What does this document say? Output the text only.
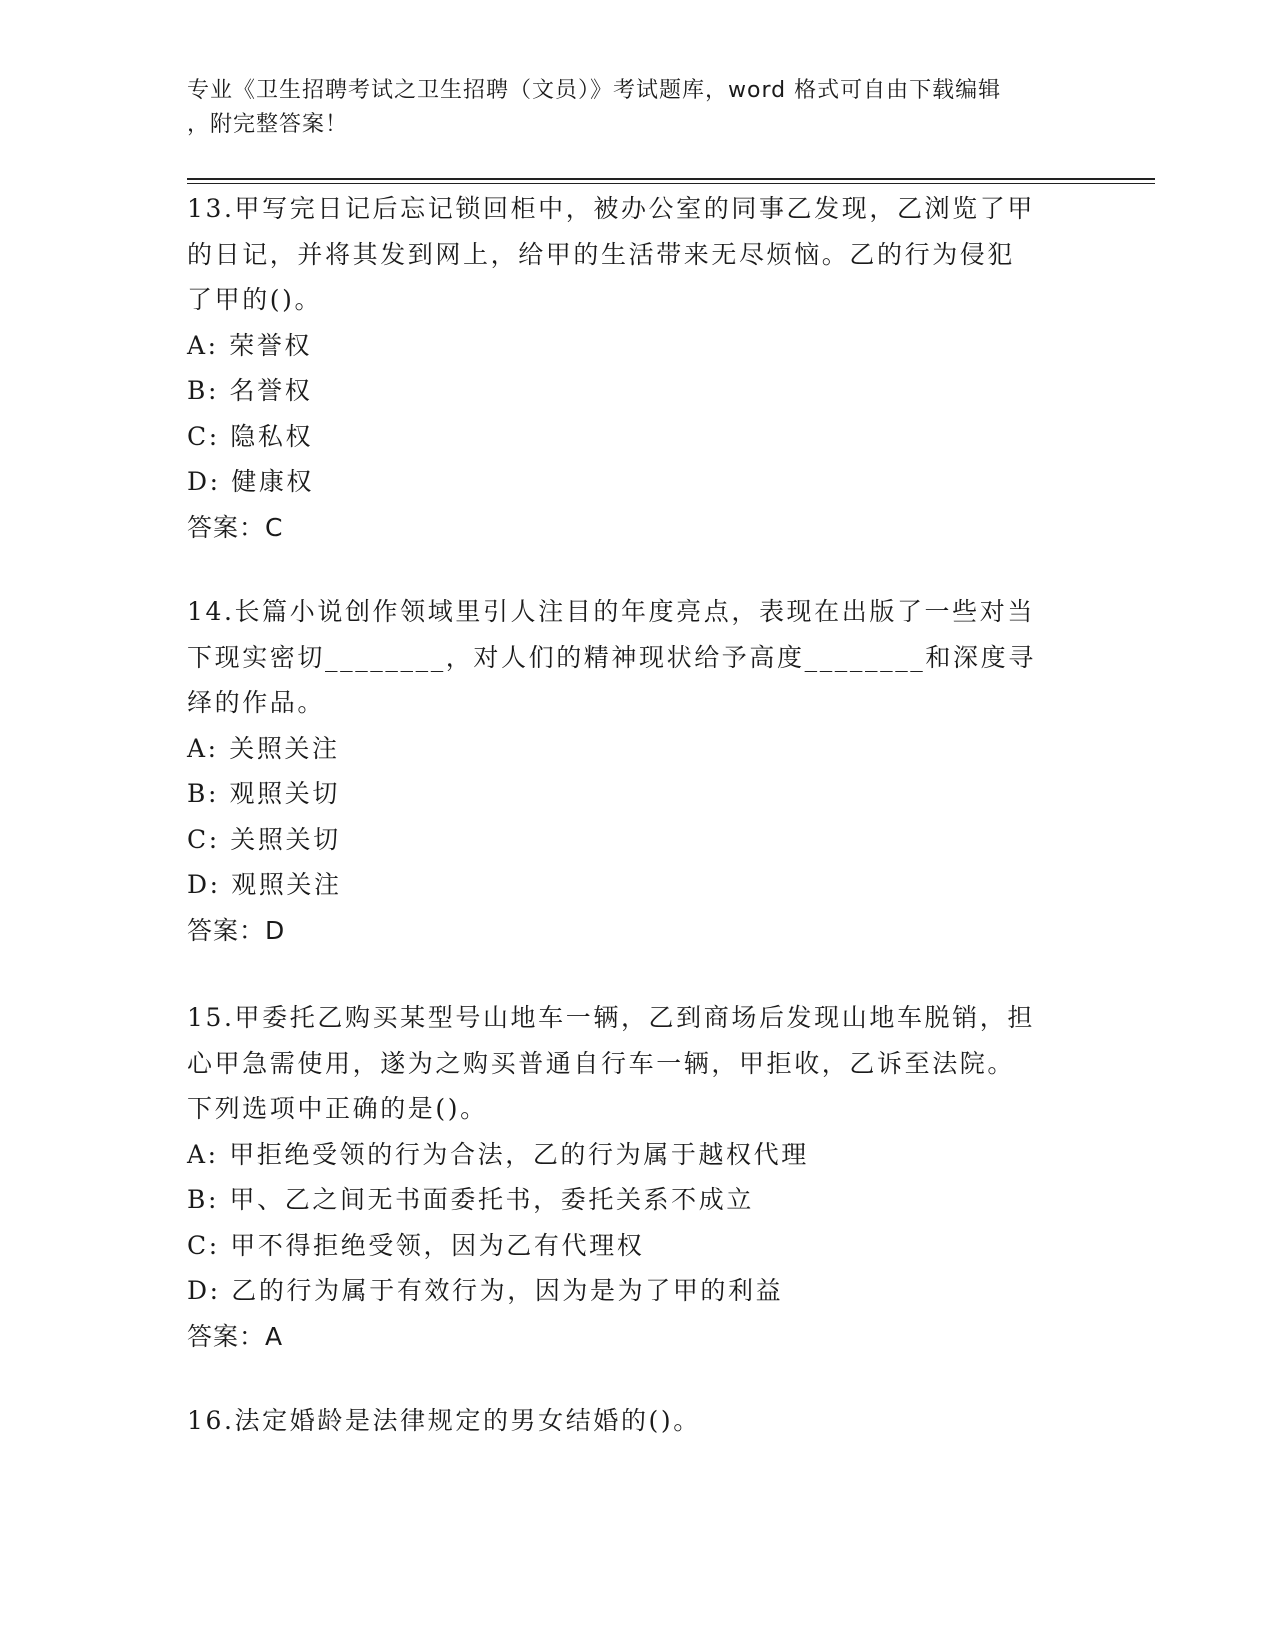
专业《卫生招聘考试之卫生招聘（文员）》考试题库，word 格式可自由下载编辑
，附完整答案！
13.甲写完日记后忘记锁回柜中，被办公室的同事乙发现，乙浏览了甲
的日记，并将其发到网上，给甲的生活带来无尽烦恼。乙的行为侵犯
了甲的()。
A: 荣誉权
B: 名誉权
C: 隐私权
D: 健康权
答案：C
14.长篇小说创作领域里引人注目的年度亮点，表现在出版了一些对当
下现实密切________，对人们的精神现状给予高度________和深度寻
绎的作品。
A: 关照关注
B: 观照关切
C: 关照关切
D: 观照关注
答案：D
15.甲委托乙购买某型号山地车一辆，乙到商场后发现山地车脱销，担
心甲急需使用，遂为之购买普通自行车一辆，甲拒收，乙诉至法院。
下列选项中正确的是()。
A: 甲拒绝受领的行为合法，乙的行为属于越权代理
B: 甲、乙之间无书面委托书，委托关系不成立
C: 甲不得拒绝受领，因为乙有代理权
D: 乙的行为属于有效行为，因为是为了甲的利益
答案：A
16.法定婚龄是法律规定的男女结婚的()。
